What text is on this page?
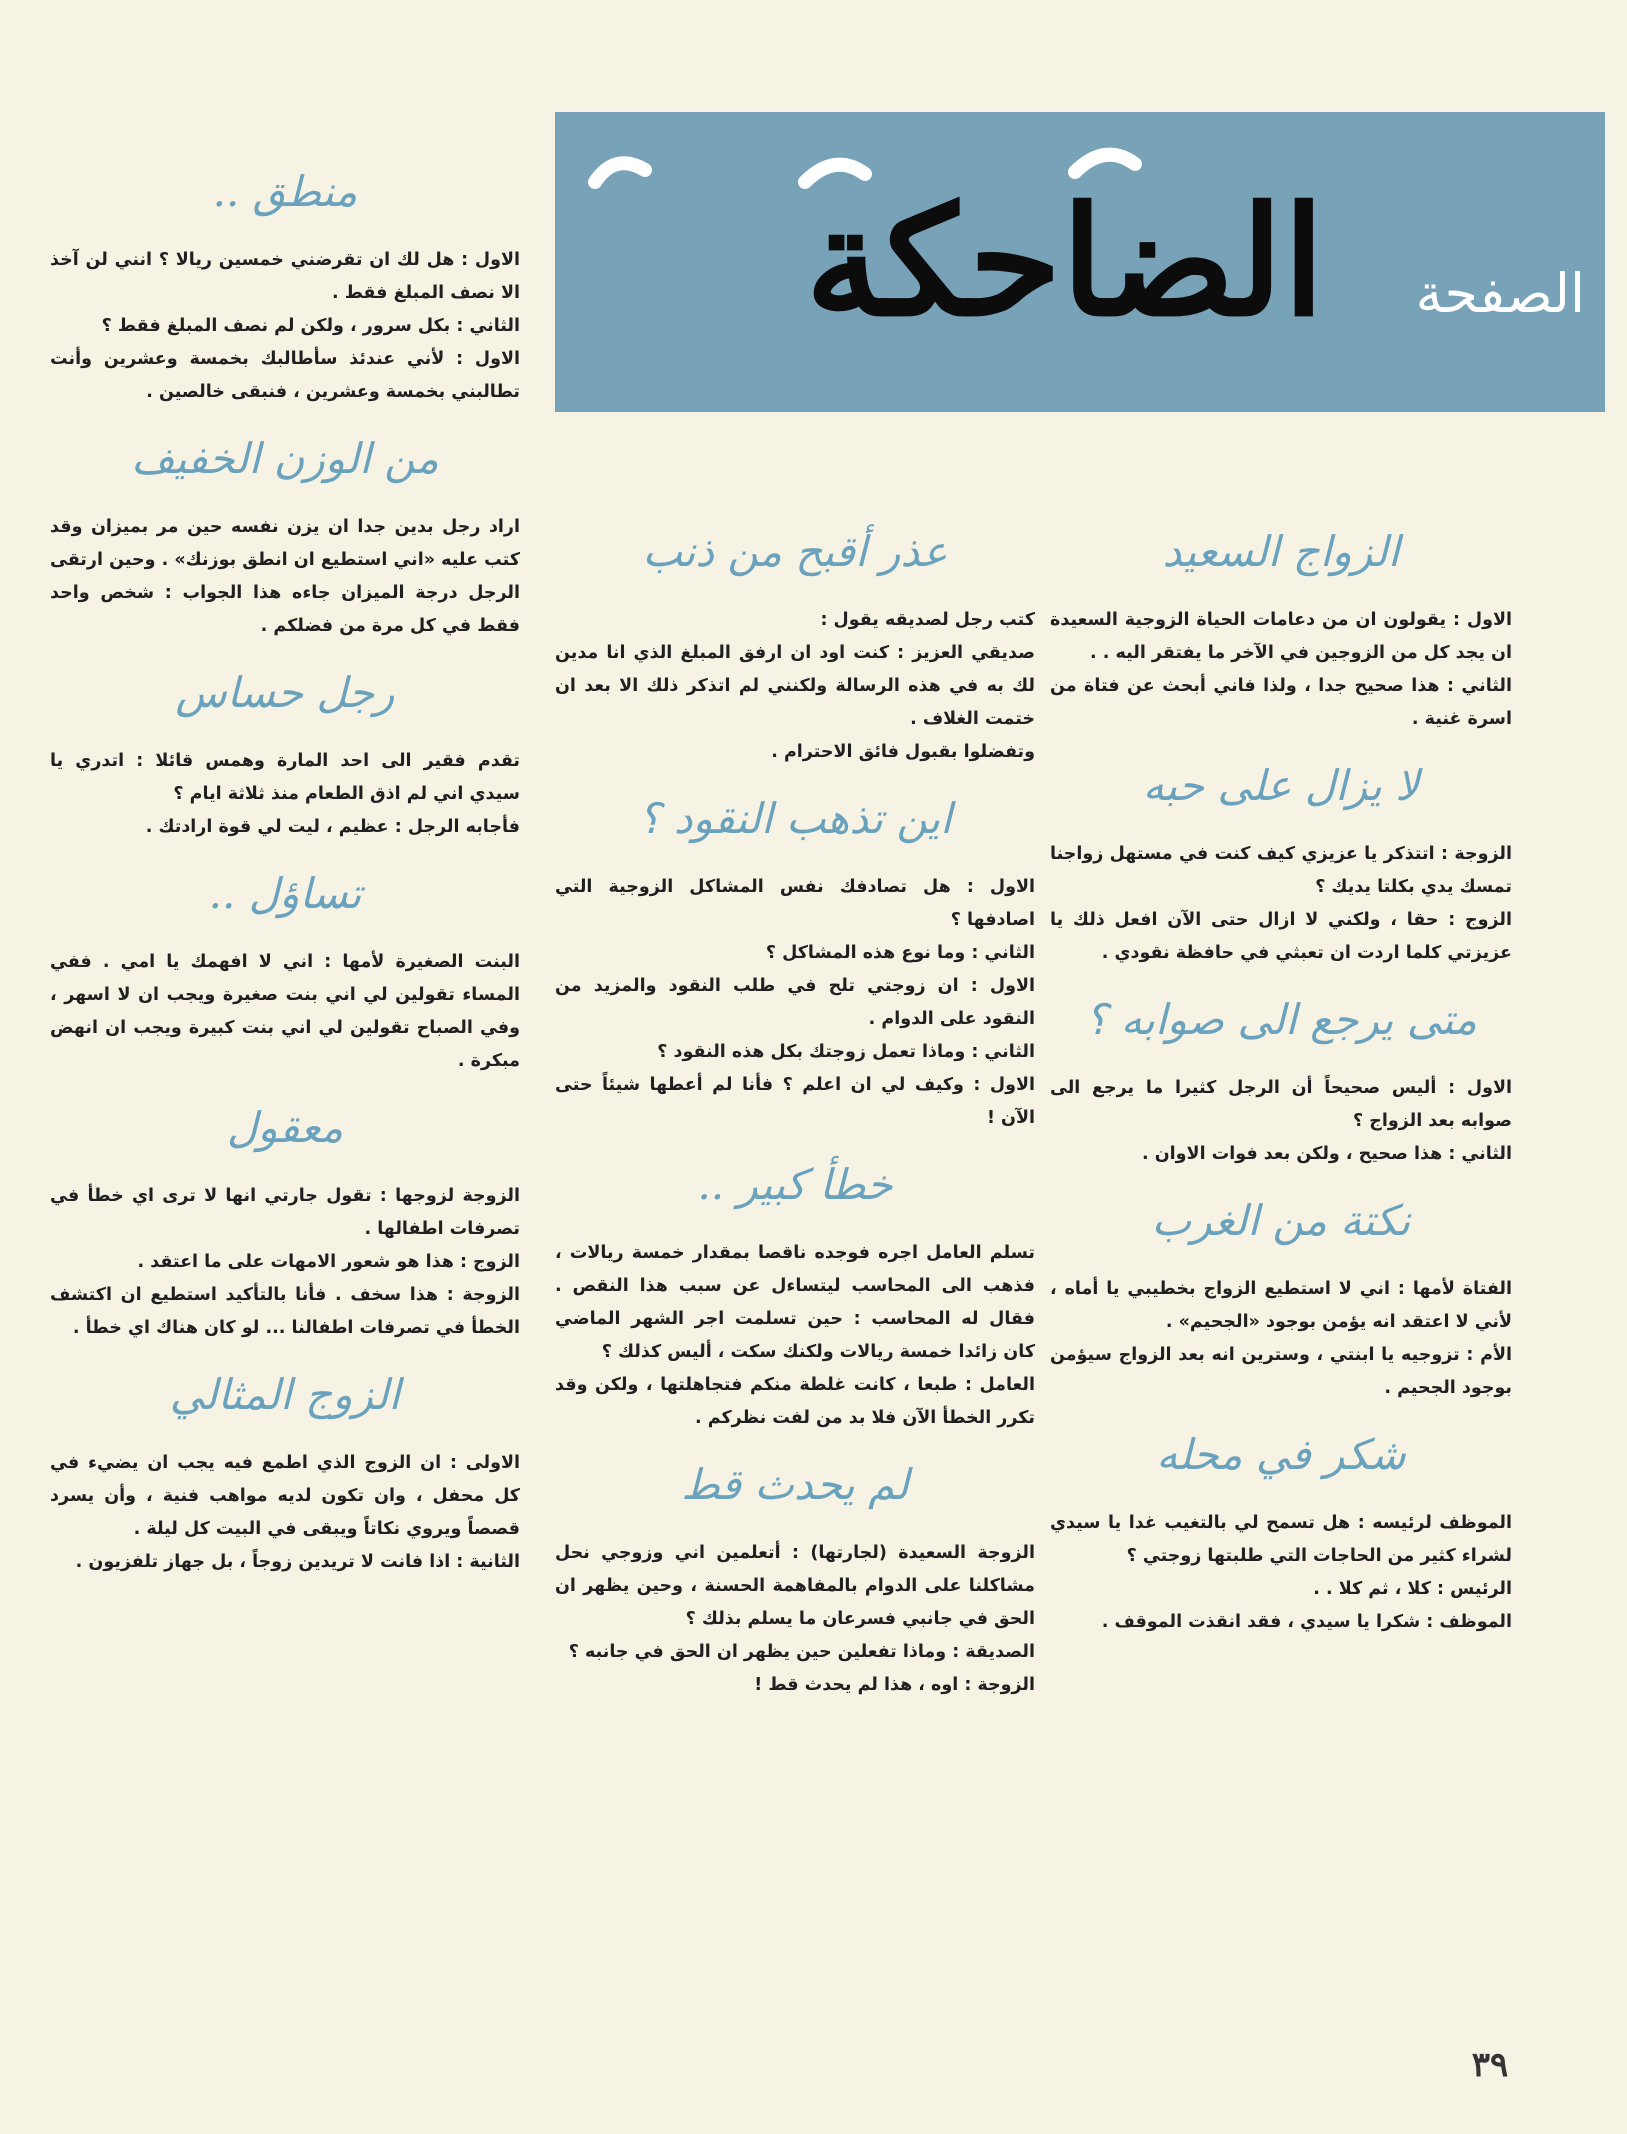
الضاحكة	الصفحة
منطق ..

الاول : هل لك ان تقرضني خمسين ريالا ؟ انني لن آخذ الا نصف المبلغ فقط .

الثاني : بكل سرور ، ولكن لم نصف المبلغ فقط ؟

الاول : لأني عندئذ سأطالبك بخمسة وعشرين وأنت تطالبني بخمسة وعشرين ، فنبقى خالصين .

من الوزن الخفيف

اراد رجل بدين جدا ان يزن نفسه حين مر بميزان وقد كتب عليه «اني استطيع ان انطق بوزنك» . وحين ارتقى الرجل درجة الميزان جاءه هذا الجواب : شخص واحد فقط في كل مرة من فضلكم .

رجل حساس

تقدم فقير الى احد المارة وهمس قائلا : اتدري يا سيدي اني لم اذق الطعام منذ ثلاثة ايام ؟

فأجابه الرجل : عظيم ، ليت لي قوة ارادتك .

تساؤل ..

البنت الصغيرة لأمها : اني لا افهمك يا امي . ففي المساء تقولين لي اني بنت صغيرة ويجب ان لا اسهر ، وفي الصباح تقولين لي اني بنت كبيرة ويجب ان انهض مبكرة .

معقول

الزوجة لزوجها : تقول جارتي انها لا ترى اي خطأ في تصرفات اطفالها .

الزوج : هذا هو شعور الامهات على ما اعتقد .

الزوجة : هذا سخف . فأنا بالتأكيد استطيع ان اكتشف الخطأ في تصرفات اطفالنا ... لو كان هناك اي خطأ .

الزوج المثالي

الاولى : ان الزوج الذي اطمع فيه يجب ان يضيء في كل محفل ، وان تكون لديه مواهب فنية ، وأن يسرد قصصاً ويروي نكاتاً ويبقى في البيت كل ليلة .

الثانية : اذا فانت لا تريدين زوجاً ، بل جهاز تلفزيون .

عذر أقبح من ذنب

كتب رجل لصديقه يقول :

صديقي العزيز : كنت اود ان ارفق المبلغ الذي انا مدين لك به في هذه الرسالة ولكنني لم اتذكر ذلك الا بعد ان ختمت الغلاف .

وتفضلوا بقبول فائق الاحترام .

اين تذهب النقود ؟

الاول : هل تصادفك نفس المشاكل الزوجية التي اصادفها ؟

الثاني : وما نوع هذه المشاكل ؟

الاول : ان زوجتي تلح في طلب النقود والمزيد من النقود على الدوام .

الثاني : وماذا تعمل زوجتك بكل هذه النقود ؟

الاول : وكيف لي ان اعلم ؟ فأنا لم أعطها شيئاً حتى الآن !

خطأ كبير ..

تسلم العامل اجره فوجده ناقصا بمقدار خمسة ريالات ، فذهب الى المحاسب ليتساءل عن سبب هذا النقص . فقال له المحاسب : حين تسلمت اجر الشهر الماضي كان زائدا خمسة ريالات ولكنك سكت ، أليس كذلك ؟

العامل : طبعا ، كانت غلطة منكم فتجاهلتها ، ولكن وقد تكرر الخطأ الآن فلا بد من لفت نظركم .

لم يحدث قط

الزوجة السعيدة (لجارتها) : أتعلمين اني وزوجي نحل مشاكلنا على الدوام بالمفاهمة الحسنة ، وحين يظهر ان الحق في جانبي فسرعان ما يسلم بذلك ؟

الصديقة : وماذا تفعلين حين يظهر ان الحق في جانبه ؟

الزوجة : اوه ، هذا لم يحدث قط !

الزواج السعيد

الاول : يقولون ان من دعامات الحياة الزوجية السعيدة ان يجد كل من الزوجين في الآخر ما يفتقر اليه . .

الثاني : هذا صحيح جدا ، ولذا فاني أبحث عن فتاة من اسرة غنية .

لا يزال على حبه

الزوجة : اتتذكر يا عزيزي كيف كنت في مستهل زواجنا تمسك يدي بكلتا يديك ؟

الزوج : حقا ، ولكني لا ازال حتى الآن افعل ذلك يا عزيزتي كلما اردت ان تعبثي في حافظة نقودي .

متى يرجع الى صوابه ؟

الاول : أليس صحيحاً أن الرجل كثيرا ما يرجع الى صوابه بعد الزواج ؟

الثاني : هذا صحيح ، ولكن بعد فوات الاوان .

نكتة من الغرب

الفتاة لأمها : اني لا استطيع الزواج بخطيبي يا أماه ، لأني لا اعتقد انه يؤمن بوجود «الجحيم» .

الأم : تزوجيه يا ابنتي ، وسترين انه بعد الزواج سيؤمن بوجود الجحيم .

شكر في محله

الموظف لرئيسه : هل تسمح لي بالتغيب غدا يا سيدي لشراء كثير من الحاجات التي طلبتها زوجتي ؟

الرئيس : كلا ، ثم كلا . .

الموظف : شكرا يا سيدي ، فقد انقذت الموقف .

٣٩
